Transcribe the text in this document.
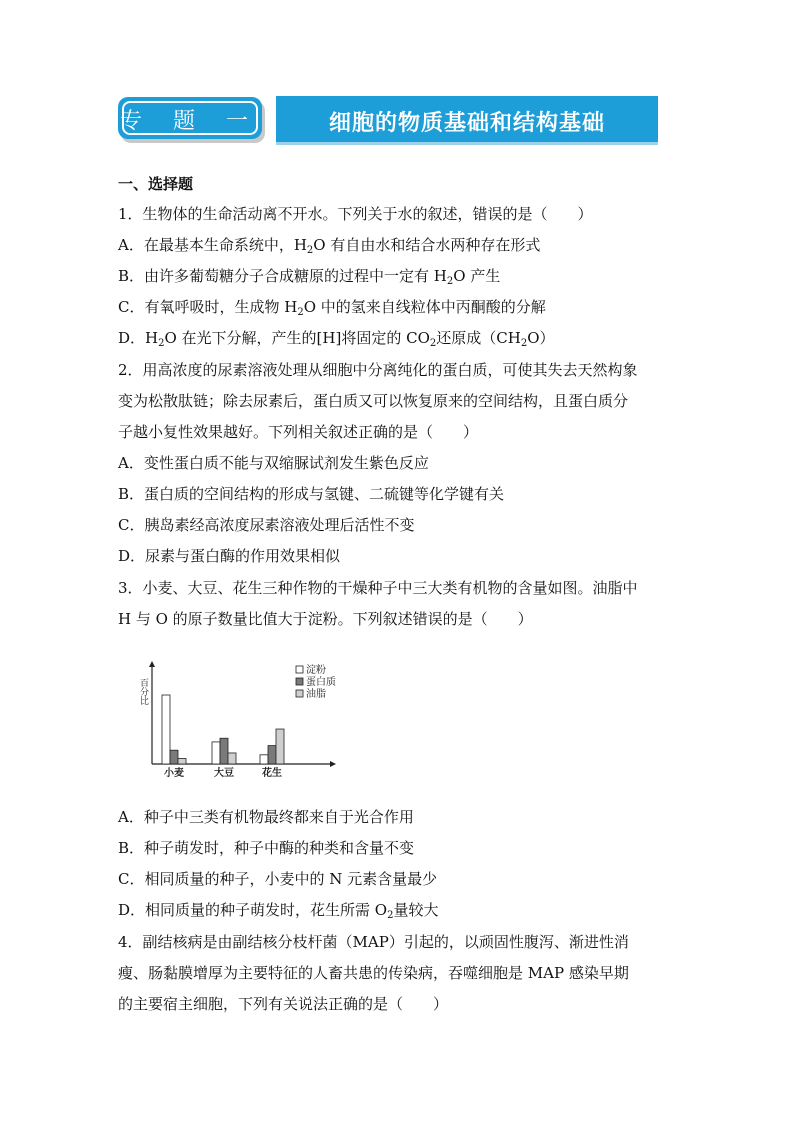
专 题 一	细胞的物质基础和结构基础
一、选择题
1．生物体的生命活动离不开水。下列关于水的叙述，错误的是（　　）
A．在最基本生命系统中，$H_2O$ 有自由水和结合水两种存在形式
B．由许多葡萄糖分子合成糖原的过程中一定有 $H_2O$ 产生
C．有氧呼吸时，生成物 $H_2O$ 中的氢来自线粒体中丙酮酸的分解
D．$H_2O$ 在光下分解，产生的[H]将固定的 $CO_2$还原成$(CH_2O)$
2．用高浓度的尿素溶液处理从细胞中分离纯化的蛋白质，可使其失去天然构象
变为松散肽链；除去尿素后，蛋白质又可以恢复原来的空间结构，且蛋白质分
子越小复性效果越好。下列相关叙述正确的是（　　）
A．变性蛋白质不能与双缩脲试剂发生紫色反应
B．蛋白质的空间结构的形成与氢键、二硫键等化学键有关
C．胰岛素经高浓度尿素溶液处理后活性不变
D．尿素与蛋白酶的作用效果相似
3．小麦、大豆、花生三种作物的干燥种子中三大类有机物的含量如图。油脂中
H 与 O 的原子数量比值大于淀粉。下列叙述错误的是（　　）
百分比
小麦	大豆	花生
淀粉
蛋白质
油脂
A．种子中三类有机物最终都来自于光合作用
B．种子萌发时，种子中酶的种类和含量不变
C．相同质量的种子，小麦中的 N 元素含量最少
D．相同质量的种子萌发时，花生所需 $O_2$量较大
4．副结核病是由副结核分枝杆菌（MAP）引起的，以顽固性腹泻、渐进性消
瘦、肠黏膜增厚为主要特征的人畜共患的传染病，吞噬细胞是 MAP 感染早期
的主要宿主细胞，下列有关说法正确的是（　　）
